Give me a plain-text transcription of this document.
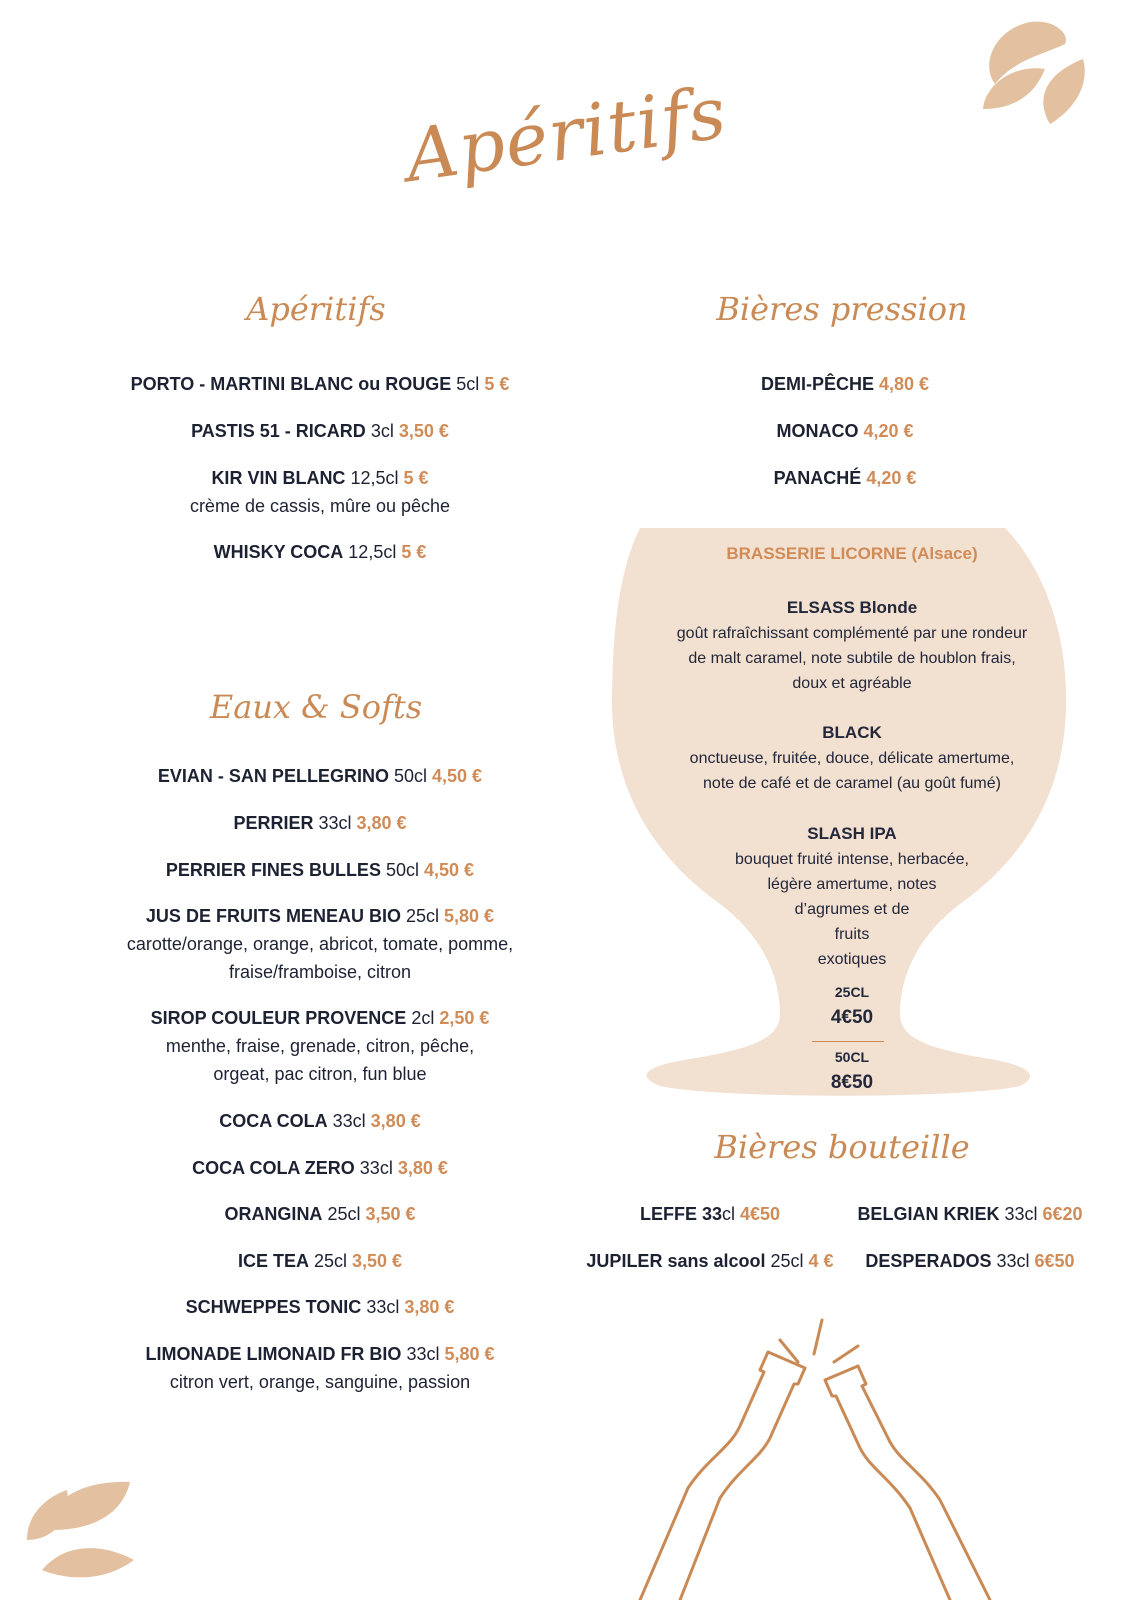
Apéritifs
Apéritifs
PORTO - MARTINI BLANC ou ROUGE 5cl 5 €
PASTIS 51 - RICARD 3cl 3,50 €
KIR VIN BLANC 12,5cl 5 €
crème de cassis, mûre ou pêche
WHISKY COCA 12,5cl 5 €
Eaux & Softs
EVIAN - SAN PELLEGRINO 50cl 4,50 €
PERRIER 33cl 3,80 €
PERRIER FINES BULLES 50cl 4,50 €
JUS DE FRUITS MENEAU BIO 25cl 5,80 €
carotte/orange, orange, abricot, tomate, pomme,
fraise/framboise, citron
SIROP COULEUR PROVENCE 2cl 2,50 €
menthe, fraise, grenade, citron, pêche,
orgeat, pac citron, fun blue
COCA COLA 33cl 3,80 €
COCA COLA ZERO 33cl 3,80 €
ORANGINA 25cl 3,50 €
ICE TEA 25cl 3,50 €
SCHWEPPES TONIC 33cl 3,80 €
LIMONADE LIMONAID FR BIO 33cl 5,80 €
citron vert, orange, sanguine, passion
Bières pression
DEMI-PÊCHE 4,80 €
MONACO 4,20 €
PANACHÉ 4,20 €
BRASSERIE LICORNE (Alsace)
ELSASS Blonde
goût rafraîchissant complémenté par une rondeur
de malt caramel, note subtile de houblon frais,
doux et agréable
BLACK
onctueuse, fruitée, douce, délicate amertume,
note de café et de caramel (au goût fumé)
SLASH IPA
bouquet fruité intense, herbacée,
légère amertume, notes
d’agrumes et de
fruits
exotiques
25CL
4€50
50CL
8€50
Bières bouteille
LEFFE 33cl 4€50	BELGIAN KRIEK 33cl 6€20
JUPILER sans alcool 25cl 4 €	DESPERADOS 33cl 6€50
